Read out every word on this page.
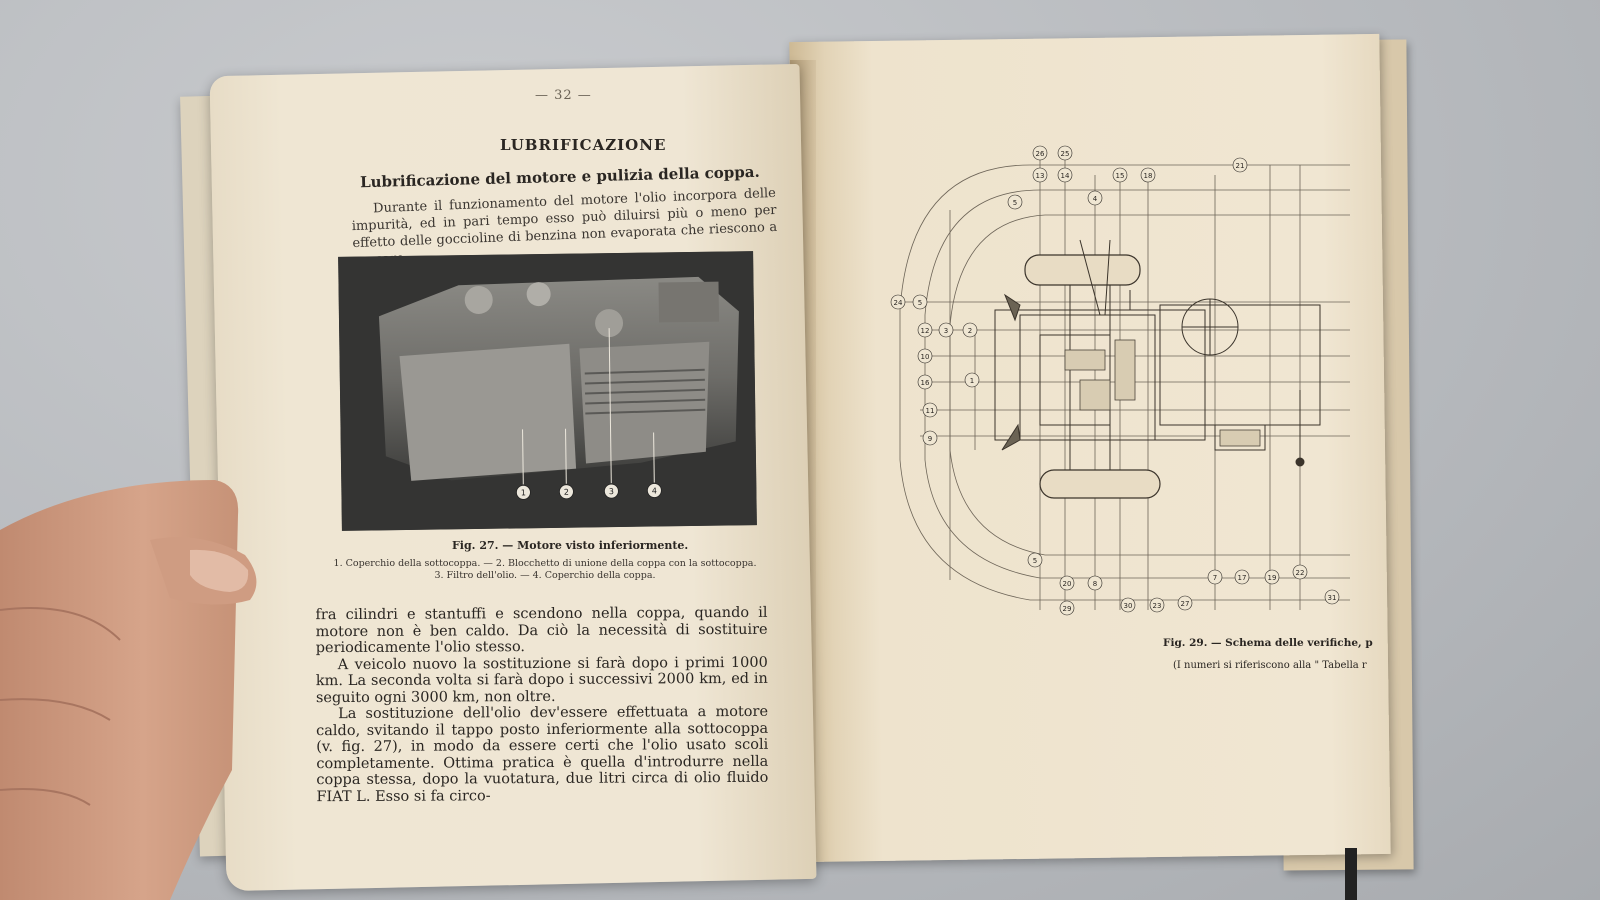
26 25
13 14	15	18
21
5	4
24 5
12 3	2
10
16	1
11
9
5
20	8
7	17	19
22
29	30	23	27
31
Fig. 29. — Schema delle verifiche, p
(I numeri si riferiscono alla " Tabella r
— 32 —
LUBRIFICAZIONE
Lubrificazione del motore e pulizia della coppa.
Durante il funzionamento del motore l'olio incorpora delle impurità, ed in pari tempo esso può diluirsi più o meno per effetto delle goccioline di benzina non evaporata che riescono a
1	2	3	4
Fig. 27. — Motore visto inferiormente.
1. Coperchio della sottocoppa. — 2. Blocchetto di unione della coppa con la sottocoppa.
3. Filtro dell'olio. — 4. Coperchio della coppa.

fra cilindri e stantuffi e scendono nella coppa, quando il motore non è ben caldo. Da ciò la necessità di sostituire periodicamente l'olio stesso.

A veicolo nuovo la sostituzione si farà dopo i primi 1000 km. La seconda volta si farà dopo i successivi 2000 km, ed in seguito ogni 3000 km, non oltre.

La sostituzione dell'olio dev'essere effettuata a motore caldo, svitando il tappo posto inferiormente alla sottocoppa (v. fig. 27), in modo da essere certi che l'olio usato scoli completamente. Ottima pratica è quella d'introdurre nella coppa stessa, dopo la vuotatura, due litri circa di olio fluido FIAT L. Esso si fa circo-
